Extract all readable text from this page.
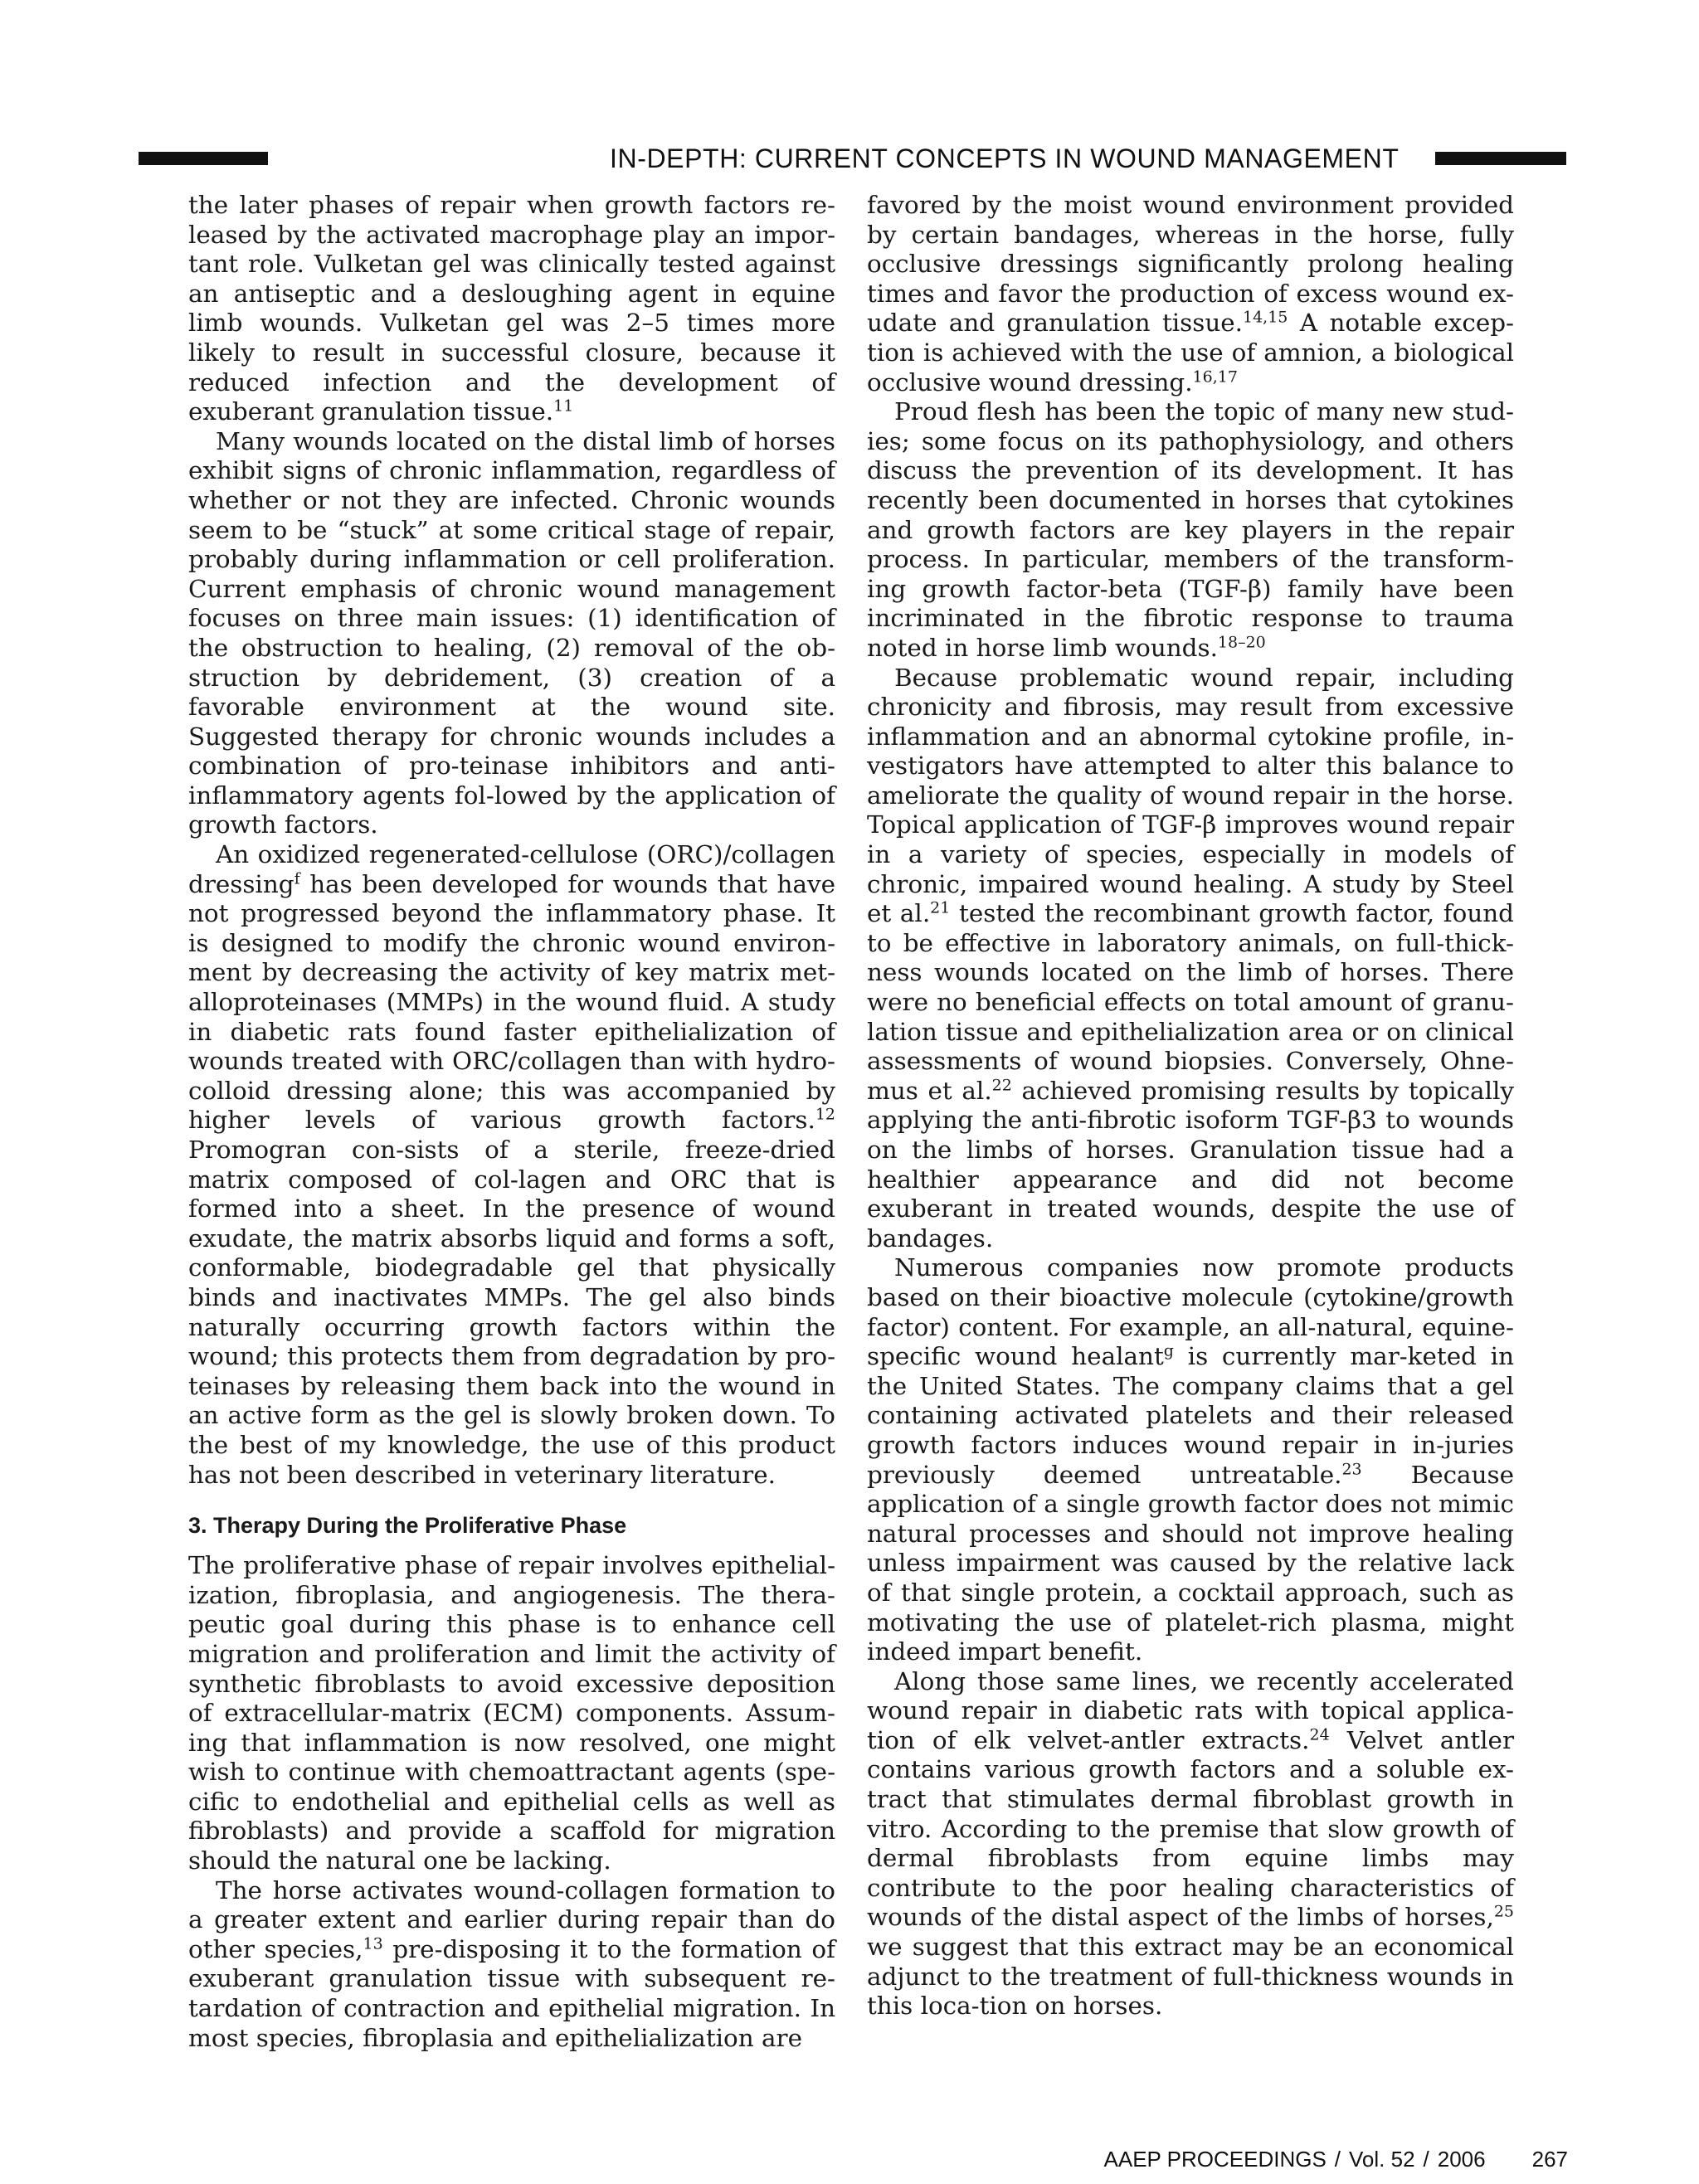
IN-DEPTH: CURRENT CONCEPTS IN WOUND MANAGEMENT

the later phases of repair when growth factors re-leased by the activated macrophage play an impor-tant role. Vulketan gel was clinically tested against an antiseptic and a desloughing agent in equine limb wounds. Vulketan gel was 2–5 times more likely to result in successful closure, because it reduced infection and the development of exuberant granulation tissue.$^{11}$

Many wounds located on the distal limb of horses exhibit signs of chronic inflammation, regardless of whether or not they are infected. Chronic wounds seem to be “stuck” at some critical stage of repair, probably during inflammation or cell proliferation. Current emphasis of chronic wound management focuses on three main issues: (1) identification of the obstruction to healing, (2) removal of the ob-struction by debridement, (3) creation of a favorable environment at the wound site. Suggested therapy for chronic wounds includes a combination of pro-teinase inhibitors and anti-inflammatory agents fol-lowed by the application of growth factors.

An oxidized regenerated-cellulose (ORC)/collagen dressing$^f$ has been developed for wounds that have not progressed beyond the inflammatory phase. It is designed to modify the chronic wound environ-ment by decreasing the activity of key matrix met-alloproteinases (MMPs) in the wound fluid. A study in diabetic rats found faster epithelialization of wounds treated with ORC/collagen than with hydro-colloid dressing alone; this was accompanied by higher levels of various growth factors.$^{12}$ Promogran con-sists of a sterile, freeze-dried matrix composed of col-lagen and ORC that is formed into a sheet. In the presence of wound exudate, the matrix absorbs liquid and forms a soft, conformable, biodegradable gel that physically binds and inactivates MMPs. The gel also binds naturally occurring growth factors within the wound; this protects them from degradation by pro-teinases by releasing them back into the wound in an active form as the gel is slowly broken down. To the best of my knowledge, the use of this product has not been described in veterinary literature.

3. Therapy During the Proliferative Phase

The proliferative phase of repair involves epithelial-ization, fibroplasia, and angiogenesis. The thera-peutic goal during this phase is to enhance cell migration and proliferation and limit the activity of synthetic fibroblasts to avoid excessive deposition of extracellular-matrix (ECM) components. Assum-ing that inflammation is now resolved, one might wish to continue with chemoattractant agents (spe-cific to endothelial and epithelial cells as well as fibroblasts) and provide a scaffold for migration should the natural one be lacking.

The horse activates wound-collagen formation to a greater extent and earlier during repair than do other species,$^{13}$ pre-disposing it to the formation of exuberant granulation tissue with subsequent re-tardation of contraction and epithelial migration. In most species, fibroplasia and epithelialization are

favored by the moist wound environment provided by certain bandages, whereas in the horse, fully occlusive dressings significantly prolong healing times and favor the production of excess wound ex-udate and granulation tissue.$^{14,15}$ A notable excep-tion is achieved with the use of amnion, a biological occlusive wound dressing.$^{16,17}$

Proud flesh has been the topic of many new stud-ies; some focus on its pathophysiology, and others discuss the prevention of its development. It has recently been documented in horses that cytokines and growth factors are key players in the repair process. In particular, members of the transform-ing growth factor-beta (TGF-β) family have been incriminated in the fibrotic response to trauma noted in horse limb wounds.$^{18-20}$

Because problematic wound repair, including chronicity and fibrosis, may result from excessive inflammation and an abnormal cytokine profile, in-vestigators have attempted to alter this balance to ameliorate the quality of wound repair in the horse. Topical application of TGF-β improves wound repair in a variety of species, especially in models of chronic, impaired wound healing. A study by Steel et al.$^{21}$ tested the recombinant growth factor, found to be effective in laboratory animals, on full-thick-ness wounds located on the limb of horses. There were no beneficial effects on total amount of granu-lation tissue and epithelialization area or on clinical assessments of wound biopsies. Conversely, Ohne-mus et al.$^{22}$ achieved promising results by topically applying the anti-fibrotic isoform TGF-β3 to wounds on the limbs of horses. Granulation tissue had a healthier appearance and did not become exuberant in treated wounds, despite the use of bandages.

Numerous companies now promote products based on their bioactive molecule (cytokine/growth factor) content. For example, an all-natural, equine-specific wound healant$^g$ is currently mar-keted in the United States. The company claims that a gel containing activated platelets and their released growth factors induces wound repair in in-juries previously deemed untreatable.$^{23}$ Because application of a single growth factor does not mimic natural processes and should not improve healing unless impairment was caused by the relative lack of that single protein, a cocktail approach, such as motivating the use of platelet-rich plasma, might indeed impart benefit.

Along those same lines, we recently accelerated wound repair in diabetic rats with topical applica-tion of elk velvet-antler extracts.$^{24}$ Velvet antler contains various growth factors and a soluble ex-tract that stimulates dermal fibroblast growth in vitro. According to the premise that slow growth of dermal fibroblasts from equine limbs may contribute to the poor healing characteristics of wounds of the distal aspect of the limbs of horses,$^{25}$ we suggest that this extract may be an economical adjunct to the treatment of full-thickness wounds in this loca-tion on horses.

AAEP PROCEEDINGS / Vol. 52 / 2006 267
